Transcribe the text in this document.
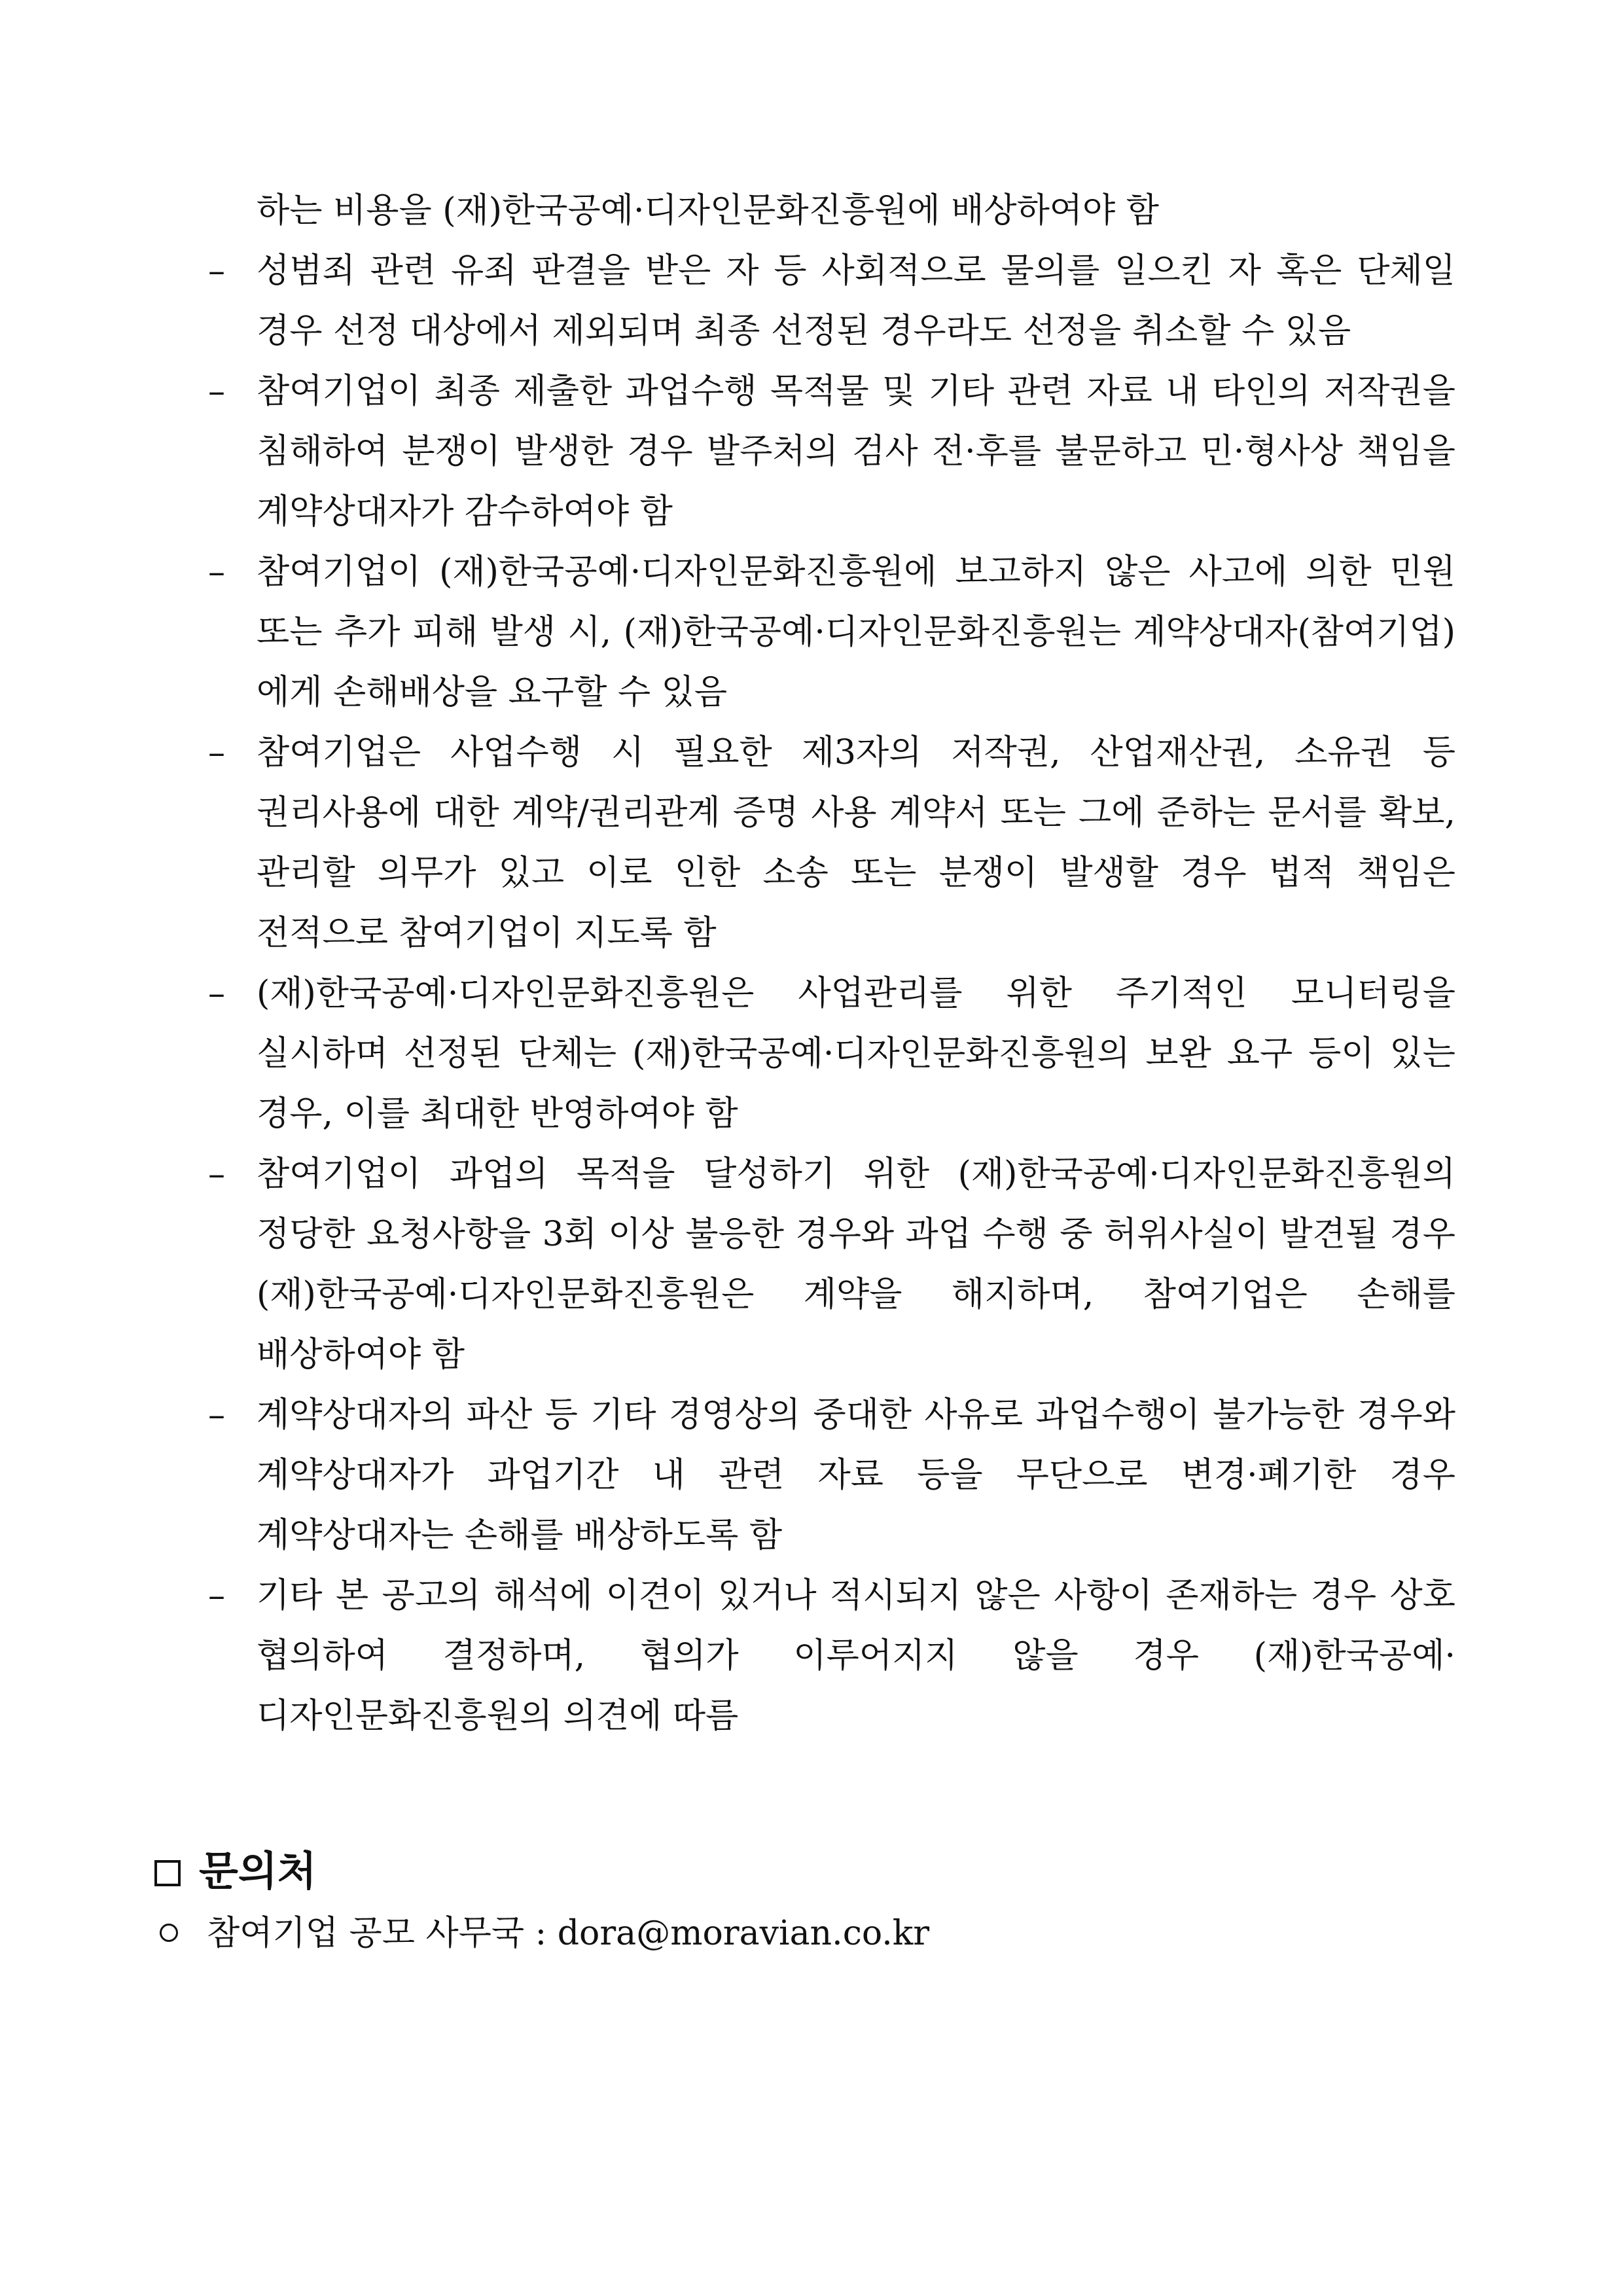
하는 비용을 (재)한국공예·디자인문화진흥원에 배상하여야 함
– 성범죄 관련 유죄 판결을 받은 자 등 사회적으로 물의를 일으킨 자 혹은 단체일 경우 선정 대상에서 제외되며 최종 선정된 경우라도 선정을 취소할 수 있음
– 참여기업이 최종 제출한 과업수행 목적물 및 기타 관련 자료 내 타인의 저작권을 침해하여 분쟁이 발생한 경우 발주처의 검사 전·후를 불문하고 민·형사상 책임을 계약상대자가 감수하여야 함
– 참여기업이 (재)한국공예·디자인문화진흥원에 보고하지 않은 사고에 의한 민원 또는 추가 피해 발생 시, (재)한국공예·디자인문화진흥원는 계약상대자(참여기업)에게 손해배상을 요구할 수 있음
– 참여기업은 사업수행 시 필요한 제3자의 저작권, 산업재산권, 소유권 등 권리사용에 대한 계약/권리관계 증명 사용 계약서 또는 그에 준하는 문서를 확보, 관리할 의무가 있고 이로 인한 소송 또는 분쟁이 발생할 경우 법적 책임은 전적으로 참여기업이 지도록 함
– (재)한국공예·디자인문화진흥원은 사업관리를 위한 주기적인 모니터링을 실시하며 선정된 단체는 (재)한국공예·디자인문화진흥원의 보완 요구 등이 있는 경우, 이를 최대한 반영하여야 함
– 참여기업이 과업의 목적을 달성하기 위한 (재)한국공예·디자인문화진흥원의 정당한 요청사항을 3회 이상 불응한 경우와 과업 수행 중 허위사실이 발견될 경우 (재)한국공예·디자인문화진흥원은 계약을 해지하며, 참여기업은 손해를 배상하여야 함
– 계약상대자의 파산 등 기타 경영상의 중대한 사유로 과업수행이 불가능한 경우와 계약상대자가 과업기간 내 관련 자료 등을 무단으로 변경·폐기한 경우 계약상대자는 손해를 배상하도록 함
– 기타 본 공고의 해석에 이견이 있거나 적시되지 않은 사항이 존재하는 경우 상호 협의하여 결정하며, 협의가 이루어지지 않을 경우 (재)한국공예·디자인문화진흥원의 의견에 따름
문의처
참여기업 공모 사무국 : dora@moravian.co.kr
